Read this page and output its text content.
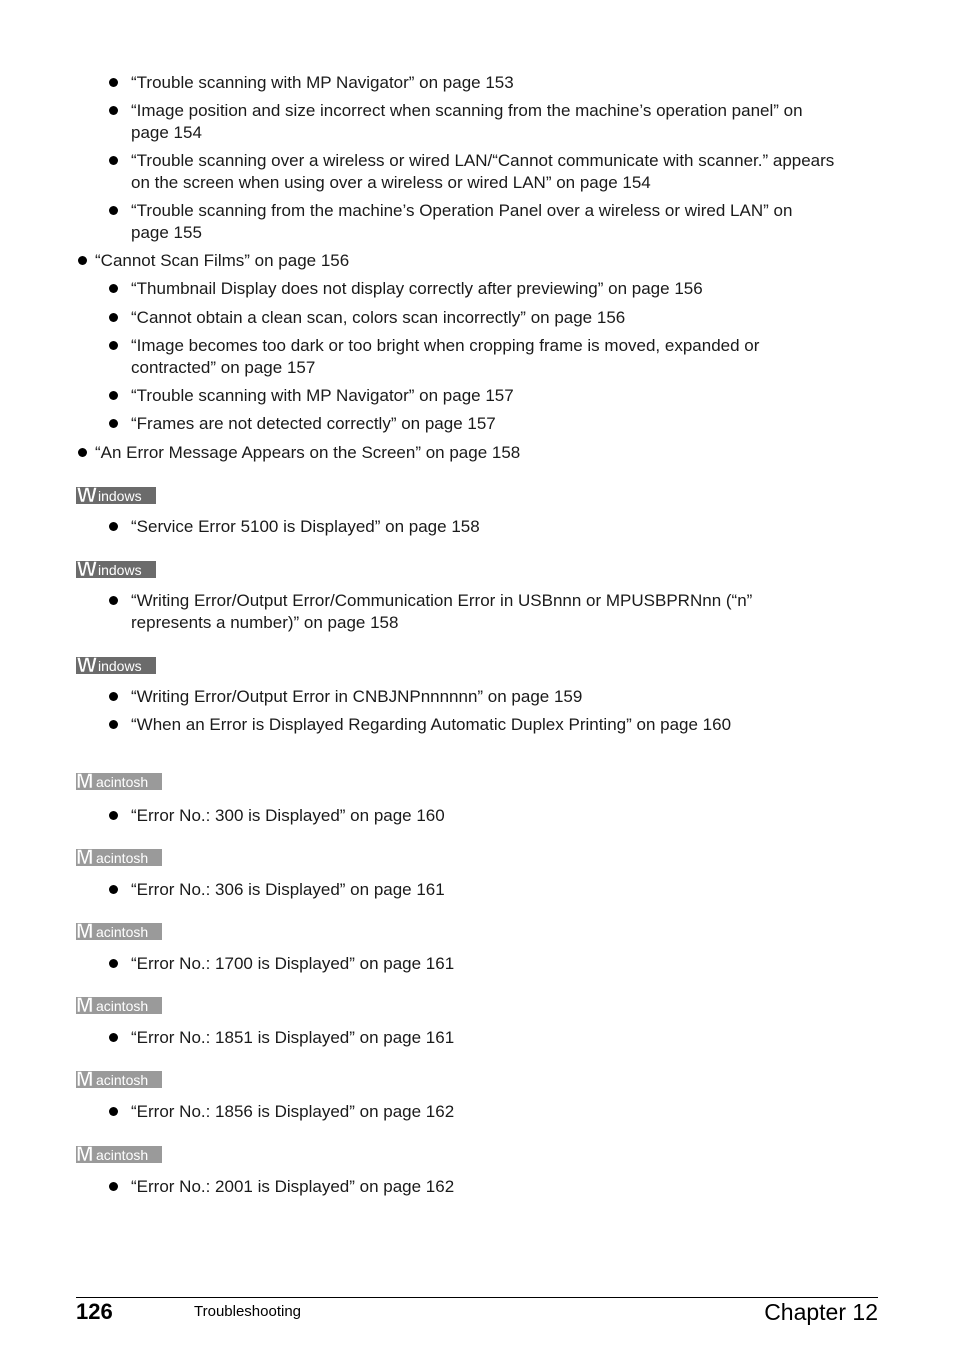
“Trouble scanning with MP Navigator” on page 153
“Image position and size incorrect when scanning from the machine’s operation panel” on
page 154
“Trouble scanning over a wireless or wired LAN/“Cannot communicate with scanner.” appears
on the screen when using over a wireless or wired LAN” on page 154
“Trouble scanning from the machine’s Operation Panel over a wireless or wired LAN” on
page 155
“Cannot Scan Films” on page 156
“Thumbnail Display does not display correctly after previewing” on page 156
“Cannot obtain a clean scan, colors scan incorrectly” on page 156
“Image becomes too dark or too bright when cropping frame is moved, expanded or
contracted” on page 157
“Trouble scanning with MP Navigator” on page 157
“Frames are not detected correctly” on page 157
“An Error Message Appears on the Screen” on page 158
W indows
“Service Error 5100 is Displayed” on page 158
W indows
“Writing Error/Output Error/Communication Error in USBnnn or MPUSBPRNnn (“n”
represents a number)” on page 158
W indows
“Writing Error/Output Error in CNBJNPnnnnnn” on page 159
“When an Error is Displayed Regarding Automatic Duplex Printing” on page 160
M acintosh
“Error No.: 300 is Displayed” on page 160
M acintosh
“Error No.: 306 is Displayed” on page 161
M acintosh
“Error No.: 1700 is Displayed” on page 161
M acintosh
“Error No.: 1851 is Displayed” on page 161
M acintosh
“Error No.: 1856 is Displayed” on page 162
M acintosh
“Error No.: 2001 is Displayed” on page 162
126	Troubleshooting	Chapter 12
